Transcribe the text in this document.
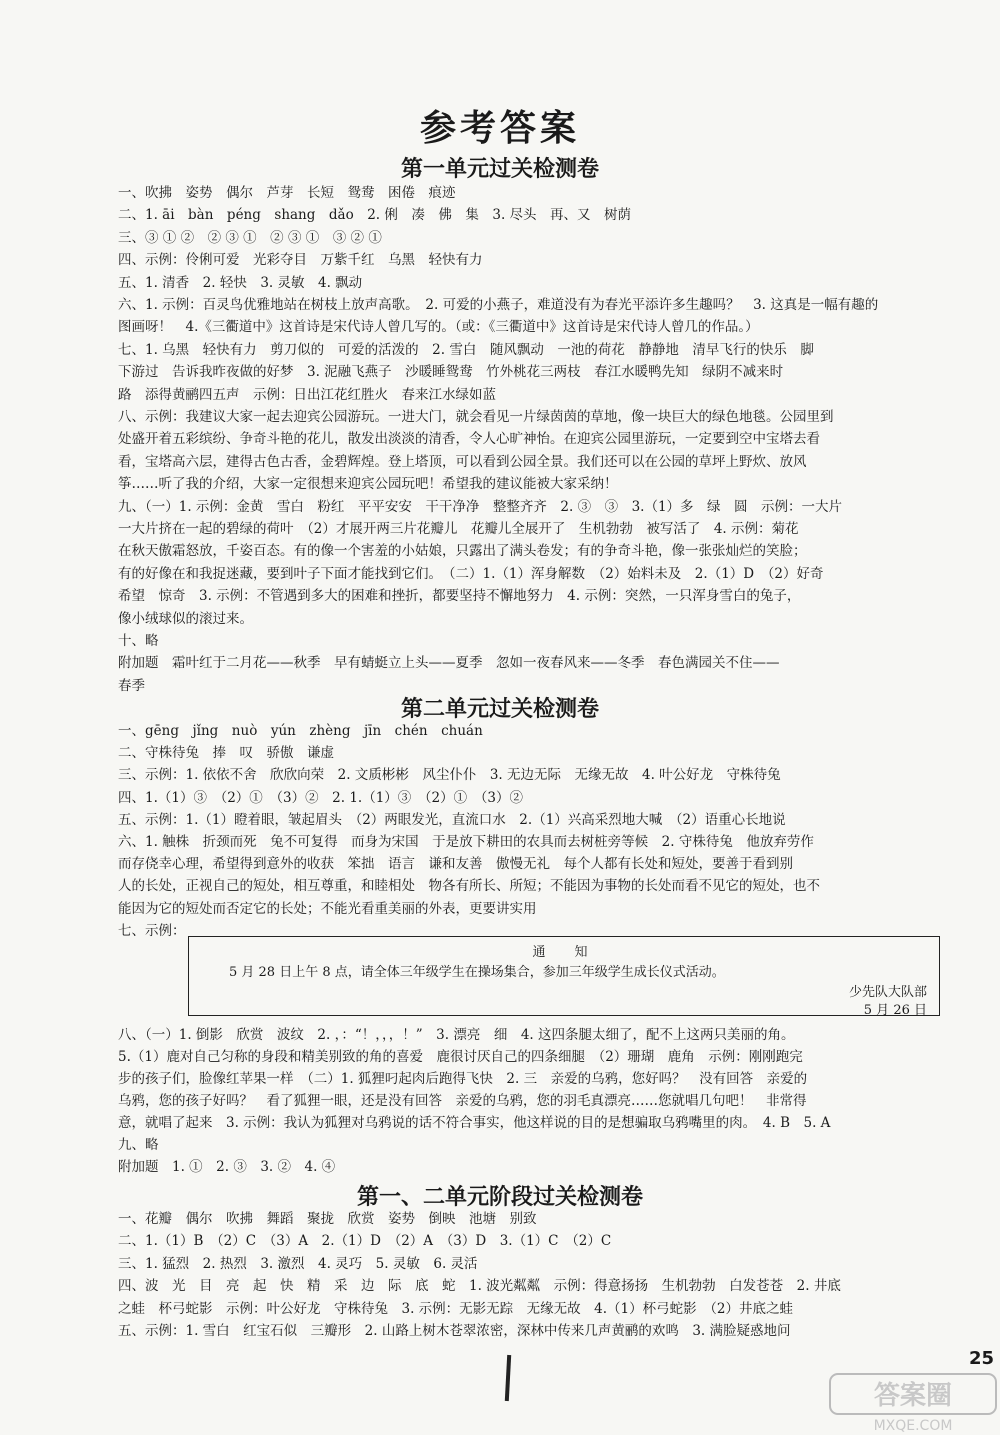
参考答案
第一单元过关检测卷
一、吹拂　姿势　偶尔　芦芽　长短　鸳鸯　困倦　痕迹
二、1. āi　bàn　péng　shang　dǎo　2. 俐　凑　佛　集　3. 尽头　再、又　树荫
三、③ ① ②　② ③ ①　② ③ ①　③ ② ①
四、示例：伶俐可爱　光彩夺目　万紫千红　乌黑　轻快有力
五、1. 清香　2. 轻快　3. 灵敏　4. 飘动
六、1. 示例：百灵鸟优雅地站在树枝上放声高歌。　2. 可爱的小燕子，难道没有为春光平添许多生趣吗？　3. 这真是一幅有趣的
图画呀！　4.《三衢道中》这首诗是宋代诗人曾几写的。（或：《三衢道中》这首诗是宋代诗人曾几的作品。）
七、1. 乌黑　轻快有力　剪刀似的　可爱的活泼的　2. 雪白　随风飘动　一池的荷花　静静地　清早飞行的快乐　脚
下游过　告诉我昨夜做的好梦　3. 泥融飞燕子　沙暖睡鸳鸯　竹外桃花三两枝　春江水暖鸭先知　绿阴不减来时
路　添得黄鹂四五声　示例：日出江花红胜火　春来江水绿如蓝
八、示例：我建议大家一起去迎宾公园游玩。一进大门，就会看见一片绿茵茵的草地，像一块巨大的绿色地毯。公园里到
处盛开着五彩缤纷、争奇斗艳的花儿，散发出淡淡的清香，令人心旷神怡。在迎宾公园里游玩，一定要到空中宝塔去看
看，宝塔高六层，建得古色古香，金碧辉煌。登上塔顶，可以看到公园全景。我们还可以在公园的草坪上野炊、放风
筝……听了我的介绍，大家一定很想来迎宾公园玩吧！希望我的建议能被大家采纳！
九、（一）1. 示例：金黄　雪白　粉红　平平安安　干干净净　整整齐齐　2. ③　③　3.（1）多　绿　圆　示例：一大片
一大片挤在一起的碧绿的荷叶　（2）才展开两三片花瓣儿　花瓣儿全展开了　生机勃勃　被写活了　4. 示例：菊花
在秋天傲霜怒放，千姿百态。有的像一个害羞的小姑娘，只露出了满头卷发；有的争奇斗艳，像一张张灿烂的笑脸；
有的好像在和我捉迷藏，要到叶子下面才能找到它们。　（二）1.（1）浑身解数　（2）始料未及　2.（1）D　（2）好奇
希望　惊奇　3. 示例：不管遇到多大的困难和挫折，都要坚持不懈地努力　4. 示例：突然，一只浑身雪白的兔子，
像小绒球似的滚过来。
十、略
附加题　霜叶红于二月花——秋季　早有蜻蜓立上头——夏季　忽如一夜春风来——冬季　春色满园关不住——
春季
第二单元过关检测卷
一、gēng　jǐng　nuò　yún　zhèng　jīn　chén　chuán
二、守株待兔　捧　叹　骄傲　谦虚
三、示例：1. 依依不舍　欣欣向荣　2. 文质彬彬　风尘仆仆　3. 无边无际　无缘无故　4. 叶公好龙　守株待兔
四、1.（1）③　（2）①　（3）②　2. 1.（1）③　（2）①　（3）②
五、示例：1.（1）瞪着眼，皱起眉头　（2）两眼发光，直流口水　2.（1）兴高采烈地大喊　（2）语重心长地说
六、1. 触株　折颈而死　兔不可复得　而身为宋国　于是放下耕田的农具而去树桩旁等候　2. 守株待兔　他放弃劳作
而存侥幸心理，希望得到意外的收获　笨拙　语言　谦和友善　傲慢无礼　每个人都有长处和短处，要善于看到别
人的长处，正视自己的短处，相互尊重，和睦相处　物各有所长、所短；不能因为事物的长处而看不见它的短处，也不
能因为它的短处而否定它的长处；不能光看重美丽的外表，更要讲实用
七、示例：
通　知
5 月 28 日上午 8 点，请全体三年级学生在操场集合，参加三年级学生成长仪式活动。
少先队大队部
5 月 26 日
八、（一）1. 倒影　欣赏　波纹　2. ，：“！，，，！”　3. 漂亮　细　4. 这四条腿太细了，配不上这两只美丽的角。
5.（1）鹿对自己匀称的身段和精美别致的角的喜爱　鹿很讨厌自己的四条细腿　（2）珊瑚　鹿角　示例：刚刚跑完
步的孩子们，脸像红苹果一样　（二）1. 狐狸叼起肉后跑得飞快　2. 三　亲爱的乌鸦，您好吗？　没有回答　亲爱的
乌鸦，您的孩子好吗？　看了狐狸一眼，还是没有回答　亲爱的乌鸦，您的羽毛真漂亮……您就唱几句吧！　非常得
意，就唱了起来　3. 示例：我认为狐狸对乌鸦说的话不符合事实，他这样说的目的是想骗取乌鸦嘴里的肉。　4. B　5. A
九、略
附加题　1. ①　2. ③　3. ②　4. ④
第一、二单元阶段过关检测卷
一、花瓣　偶尔　吹拂　舞蹈　聚拢　欣赏　姿势　倒映　池塘　别致
二、1.（1）B　（2）C　（3）A　2.（1）D　（2）A　（3）D　3.（1）C　（2）C
三、1. 猛烈　2. 热烈　3. 激烈　4. 灵巧　5. 灵敏　6. 灵活
四、波　光　目　亮　起　快　精　采　边　际　底　蛇　1. 波光粼粼　示例：得意扬扬　生机勃勃　白发苍苍　2. 井底
之蛙　杯弓蛇影　示例：叶公好龙　守株待兔　3. 示例：无影无踪　无缘无故　4.（1）杯弓蛇影　（2）井底之蛙
五、示例：1. 雪白　红宝石似　三瓣形　2. 山路上树木苍翠浓密，深林中传来几声黄鹂的欢鸣　3. 满脸疑惑地问
25
答案圈
MXQE.COM
